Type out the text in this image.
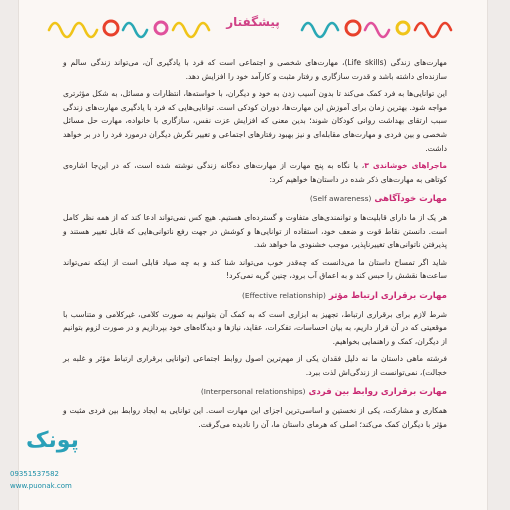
پیشگفتار

مهارت‌های زندگی (Life skills)، مهارت‌های شخصی و اجتماعی است که فرد با یادگیری آن، می‌تواند زندگی سالم و سازنده‌ای داشته باشد و قدرت سازگاری و رفتار مثبت و کارآمد خود را افزایش دهد.

این توانایی‌ها به فرد کمک می‌کند تا بدون آسیب زدن به خود و دیگران، با خواسته‌ها، انتظارات و مسائل، به شکل مؤثرتری مواجه شود. بهترین زمان برای آموزش این مهارت‌ها، دوران کودکی است. توانایی‌هایی که فرد با یادگیری مهارت‌های زندگی سبب ارتقای بهداشت روانی کودکان شوند؛ بدین معنی که افزایش عزت نفس، سازگاری با خانواده، مهارت حل مسائل شخصی و بین فردی و مهارت‌های مقابله‌ای و نیز بهبود رفتارهای اجتماعی و تغییر نگرش دیگران درمورد فرد را در بر خواهد داشت.

ماجراهای خوشاندی ۳، با نگاه به پنج مهارت از مهارت‌های ده‌گانه زندگی نوشته شده است، که در این‌جا اشاره‌ی کوتاهی به مهارت‌های ذکر شده در داستان‌ها خواهیم کرد:

مهارت خودآگاهی (Self awareness)

هر یک از ما دارای قابلیت‌ها و توانمندی‌های متفاوت و گسترده‌ای هستیم. هیچ کس نمی‌تواند ادعا کند که از همه نظر کامل است. دانستن نقاط قوت و ضعف خود، استفاده از توانایی‌ها و کوشش در جهت رفع ناتوانی‌هایی که قابل تغییر هستند و پذیرفتن ناتوانی‌های تغییرناپذیر، موجب خشنودی ما خواهد شد.

شاید اگر تمساح داستان ما می‌دانست که چه‌قدر خوب می‌تواند شنا کند و به چه صیاد قابلی است از اینکه نمی‌تواند ساعت‌ها نقشش را حبس کند و به اعماق آب برود، چنین گریه نمی‌کرد!

مهارت برقراری ارتباط مؤثر (Effective relationship)

شرط لازم برای برقراری ارتباط، تجهیز به ابزاری است که به کمک آن بتوانیم به صورت کلامی، غیرکلامی و متناسب با موقعیتی که در آن قرار داریم، به بیان احساسات، تفکرات، عقاید، نیازها و دیدگاه‌های خود بپردازیم و در صورت لزوم بتوانیم از دیگران، کمک و راهنمایی بخواهیم.

فرشته ماهی داستان ما نه دلیل فقدان یکی از مهم‌ترین اصول روابط اجتماعی (توانایی برقراری ارتباط مؤثر و غلبه بر خجالت)، نمی‌توانست از زندگی‌اش لذت ببرد.

مهارت برقراری روابط بین فردی (Interpersonal relationships)

همکاری و مشارکت، یکی از نخستین و اساسی‌ترین اجزای این مهارت است. این توانایی به ایجاد روابط بین فردی مثبت و مؤثر با دیگران کمک می‌کند؛ اصلی که هرمای داستان ما، آن را نادیده می‌گرفت.

پونک
09351537582
www.puonak.com
